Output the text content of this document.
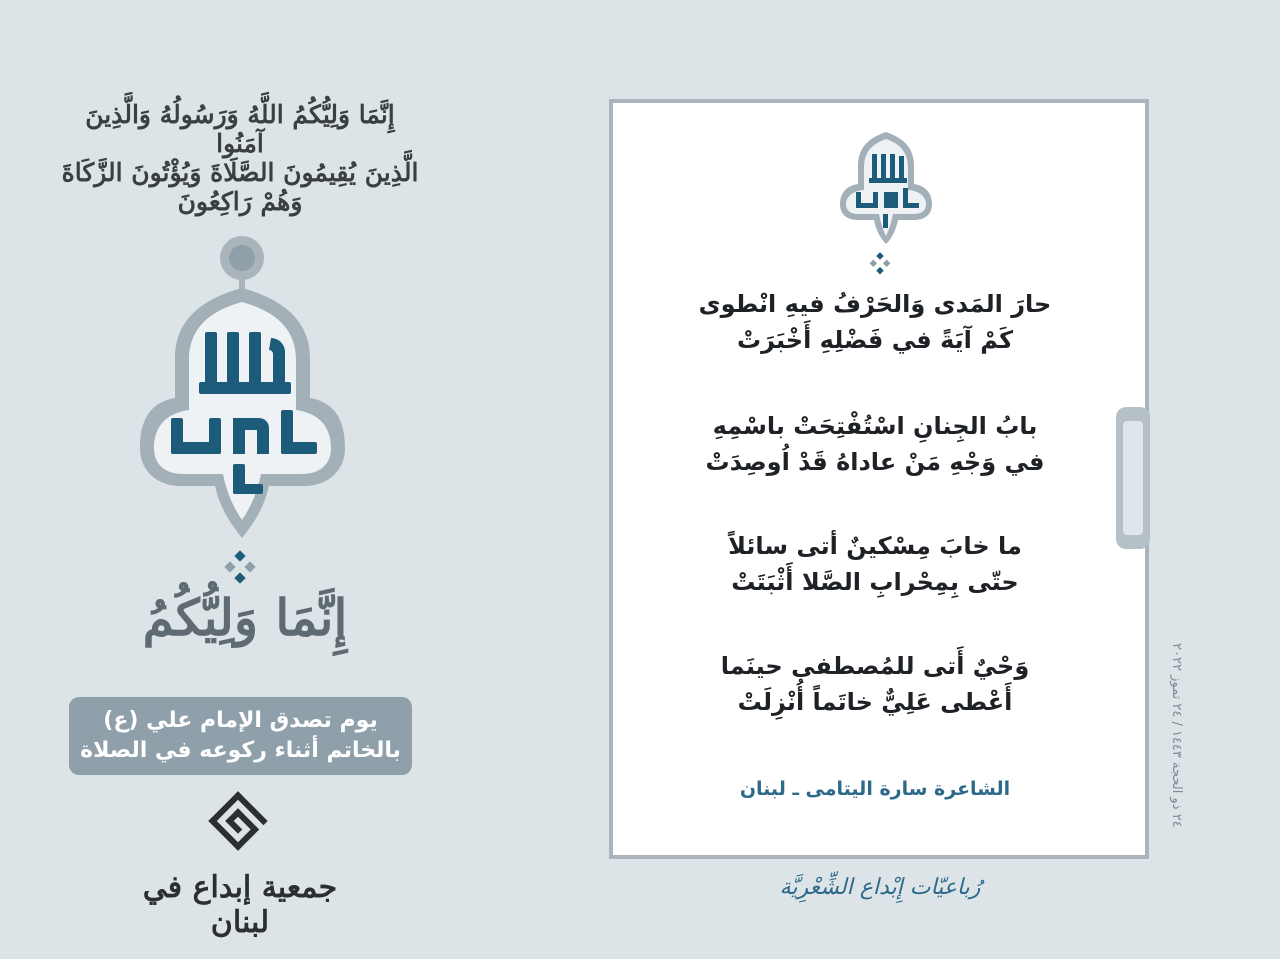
إِنَّمَا وَلِيُّكُمُ اللَّهُ وَرَسُولُهُ وَالَّذِينَ آمَنُوا
الَّذِينَ يُقِيمُونَ الصَّلَاةَ وَيُؤْتُونَ الزَّكَاةَ وَهُمْ رَاكِعُونَ
إِنَّمَا وَلِيُّكُمُ
يوم تصدق الإمام علي (ع)
بالخاتم أثناء ركوعه في الصلاة
جمعية إبداع في لبنان
حارَ المَدى وَالحَرْفُ فيهِ انْطوى
كَمْ آيَةً في فَضْلِهِ أَخْبَرَتْ
بابُ الجِنانِ اسْتُفْتِحَتْ باسْمِهِ
في وَجْهِ مَنْ عاداهُ قَدْ اُوصِدَتْ
ما خابَ مِسْكينٌ أتى سائلاً
حتّى بِمِحْرابِ الصَّلا أَثْبَتَتْ
وَحْيٌ أَتى للمُصطفى حينَما
أَعْطى عَلِيٌّ خاتَماً أُنْزِلَتْ
الشاعرة سارة اليتامى ـ لبنان
٢٤ ذو الحجة ١٤٤٣ / ٢٤ تموز ٢٠٢٢
رُباعيّات إِبْداع الشِّعْرِيَّة
